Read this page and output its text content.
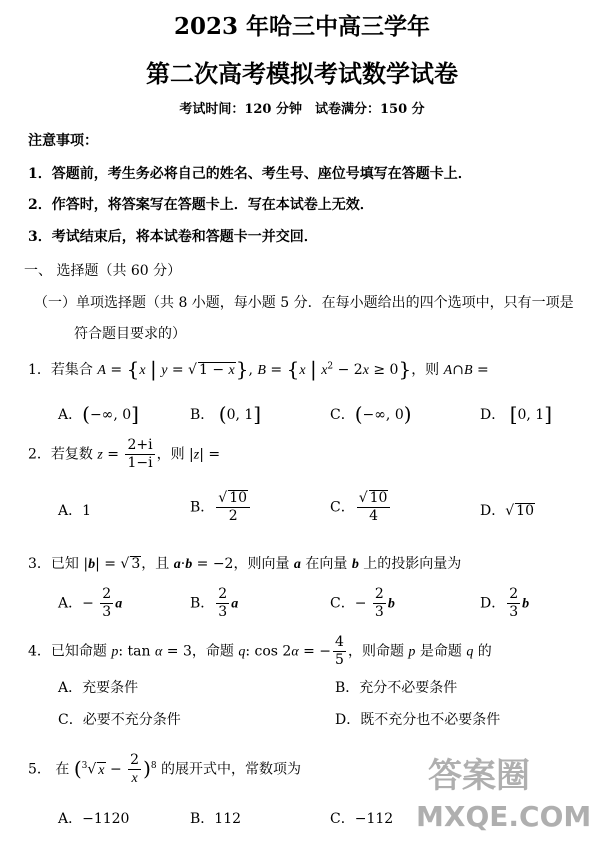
2023 年哈三中高三学年
第二次高考模拟考试数学试卷
考试时间：120 分钟　试卷满分：150 分
注意事项：
1．答题前，考生务必将自己的姓名、考生号、座位号填写在答题卡上．
2．作答时，将答案写在答题卡上．写在本试卷上无效．
3．考试结束后，将本试卷和答题卡一并交回．
一、 选择题（共 60 分）
（一）单项选择题（共 8 小题，每小题 5 分．在每小题给出的四个选项中，只有一项是
符合题目要求的）
1．若集合 A = {x | y = √ 1 − x}, B = {x | $x^2 - 2x \ge 0$}，则 A∩B =
A．(−∞, 0]	B． (0, 1]	C．(−∞, 0)	D． [0, 1]
2．若复数 $z = \frac{2+i}{1-i}$ ，则 |z| =
A．1	B． $\frac{√ 10}{2}$	C． $\frac{√ 10}{4}$	D．√ 10
3．已知 |b| = √ 3，且 a·b = −2，则向量 a 在向量 b 上的投影向量为
A．− $\frac{2}{3}$ a	B． $\frac{2}{3}$ a	C．− $\frac{2}{3}$ b	D． $\frac{2}{3}$ b
4．已知命题 p: tan α = 3，命题 q: cos 2α = − $\frac{4}{5}$ ，则命题 p 是命题 q 的
A．充要条件	B．充分不必要条件
C．必要不充分条件	D．既不充分也不必要条件
5． 在 ($^3$√ $x - \frac{2}{x} )^8$ 的展开式中，常数项为
A．−1120	B．112	C．−112
答案圈
MXQE.COM
